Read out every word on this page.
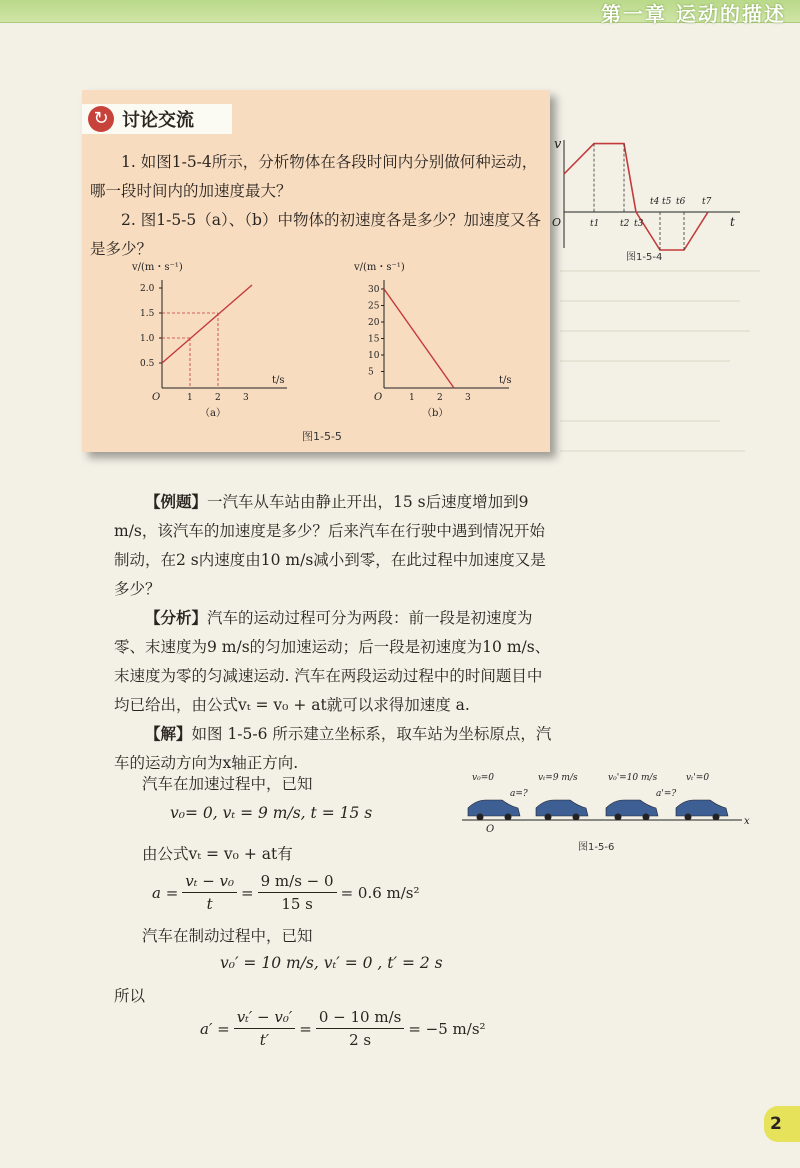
第一章 运动的描述
↻ 讨论交流

1. 如图1-5-4所示，分析物体在各段时间内分别做何种运动，哪一段时间内的加速度最大？

2. 图1-5-5（a）、（b）中物体的初速度各是多少？加速度又各是多少？

v/(m・s⁻¹)
t/s
O
0.5
1.0
1.5
2.0
1 2 3
（a）
v/(m・s⁻¹)
t/s
O
5
10
15
20
25
30
1 2 3
（b）
图1-5-5
v
t
O	t1 t2 t3
t4 t5 t6 t7
图1-5-4

【例题】一汽车从车站由静止开出，15 s后速度增加到9 m/s，该汽车的加速度是多少？后来汽车在行驶中遇到情况开始制动，在2 s内速度由10 m/s减小到零，在此过程中加速度又是多少？

【分析】汽车的运动过程可分为两段：前一段是初速度为零、末速度为9 m/s的匀加速运动；后一段是初速度为10 m/s、末速度为零的匀减速运动. 汽车在两段运动过程中的时间题目中均已给出，由公式vₜ = v₀ + at就可以求得加速度 a.

【解】如图 1-5-6 所示建立坐标系，取车站为坐标原点，汽车的运动方向为x轴正方向.

汽车在加速过程中，已知
v₀= 0, vₜ = 9 m/s, t = 15 s
由公式vₜ = v₀ + at有
$a = \frac{\text{vₜ − v₀}}{t} = \frac{9 m/s - 0}{15 s} = 0.6$ m/s²
汽车在制动过程中，已知
v₀′ = 10 m/s, vₜ′ = 0 , t′ = 2 s
所以
$a' = \frac{\text{vₜ′ − v₀′}}{t'} = \frac{0 - 10 m/s}{2 s} = -5$ m/s²
v₀=0	vₜ=9 m/s	v₀'=10 m/s	vₜ'=0
a=?	a'=?
x
O
图1-5-6
2
